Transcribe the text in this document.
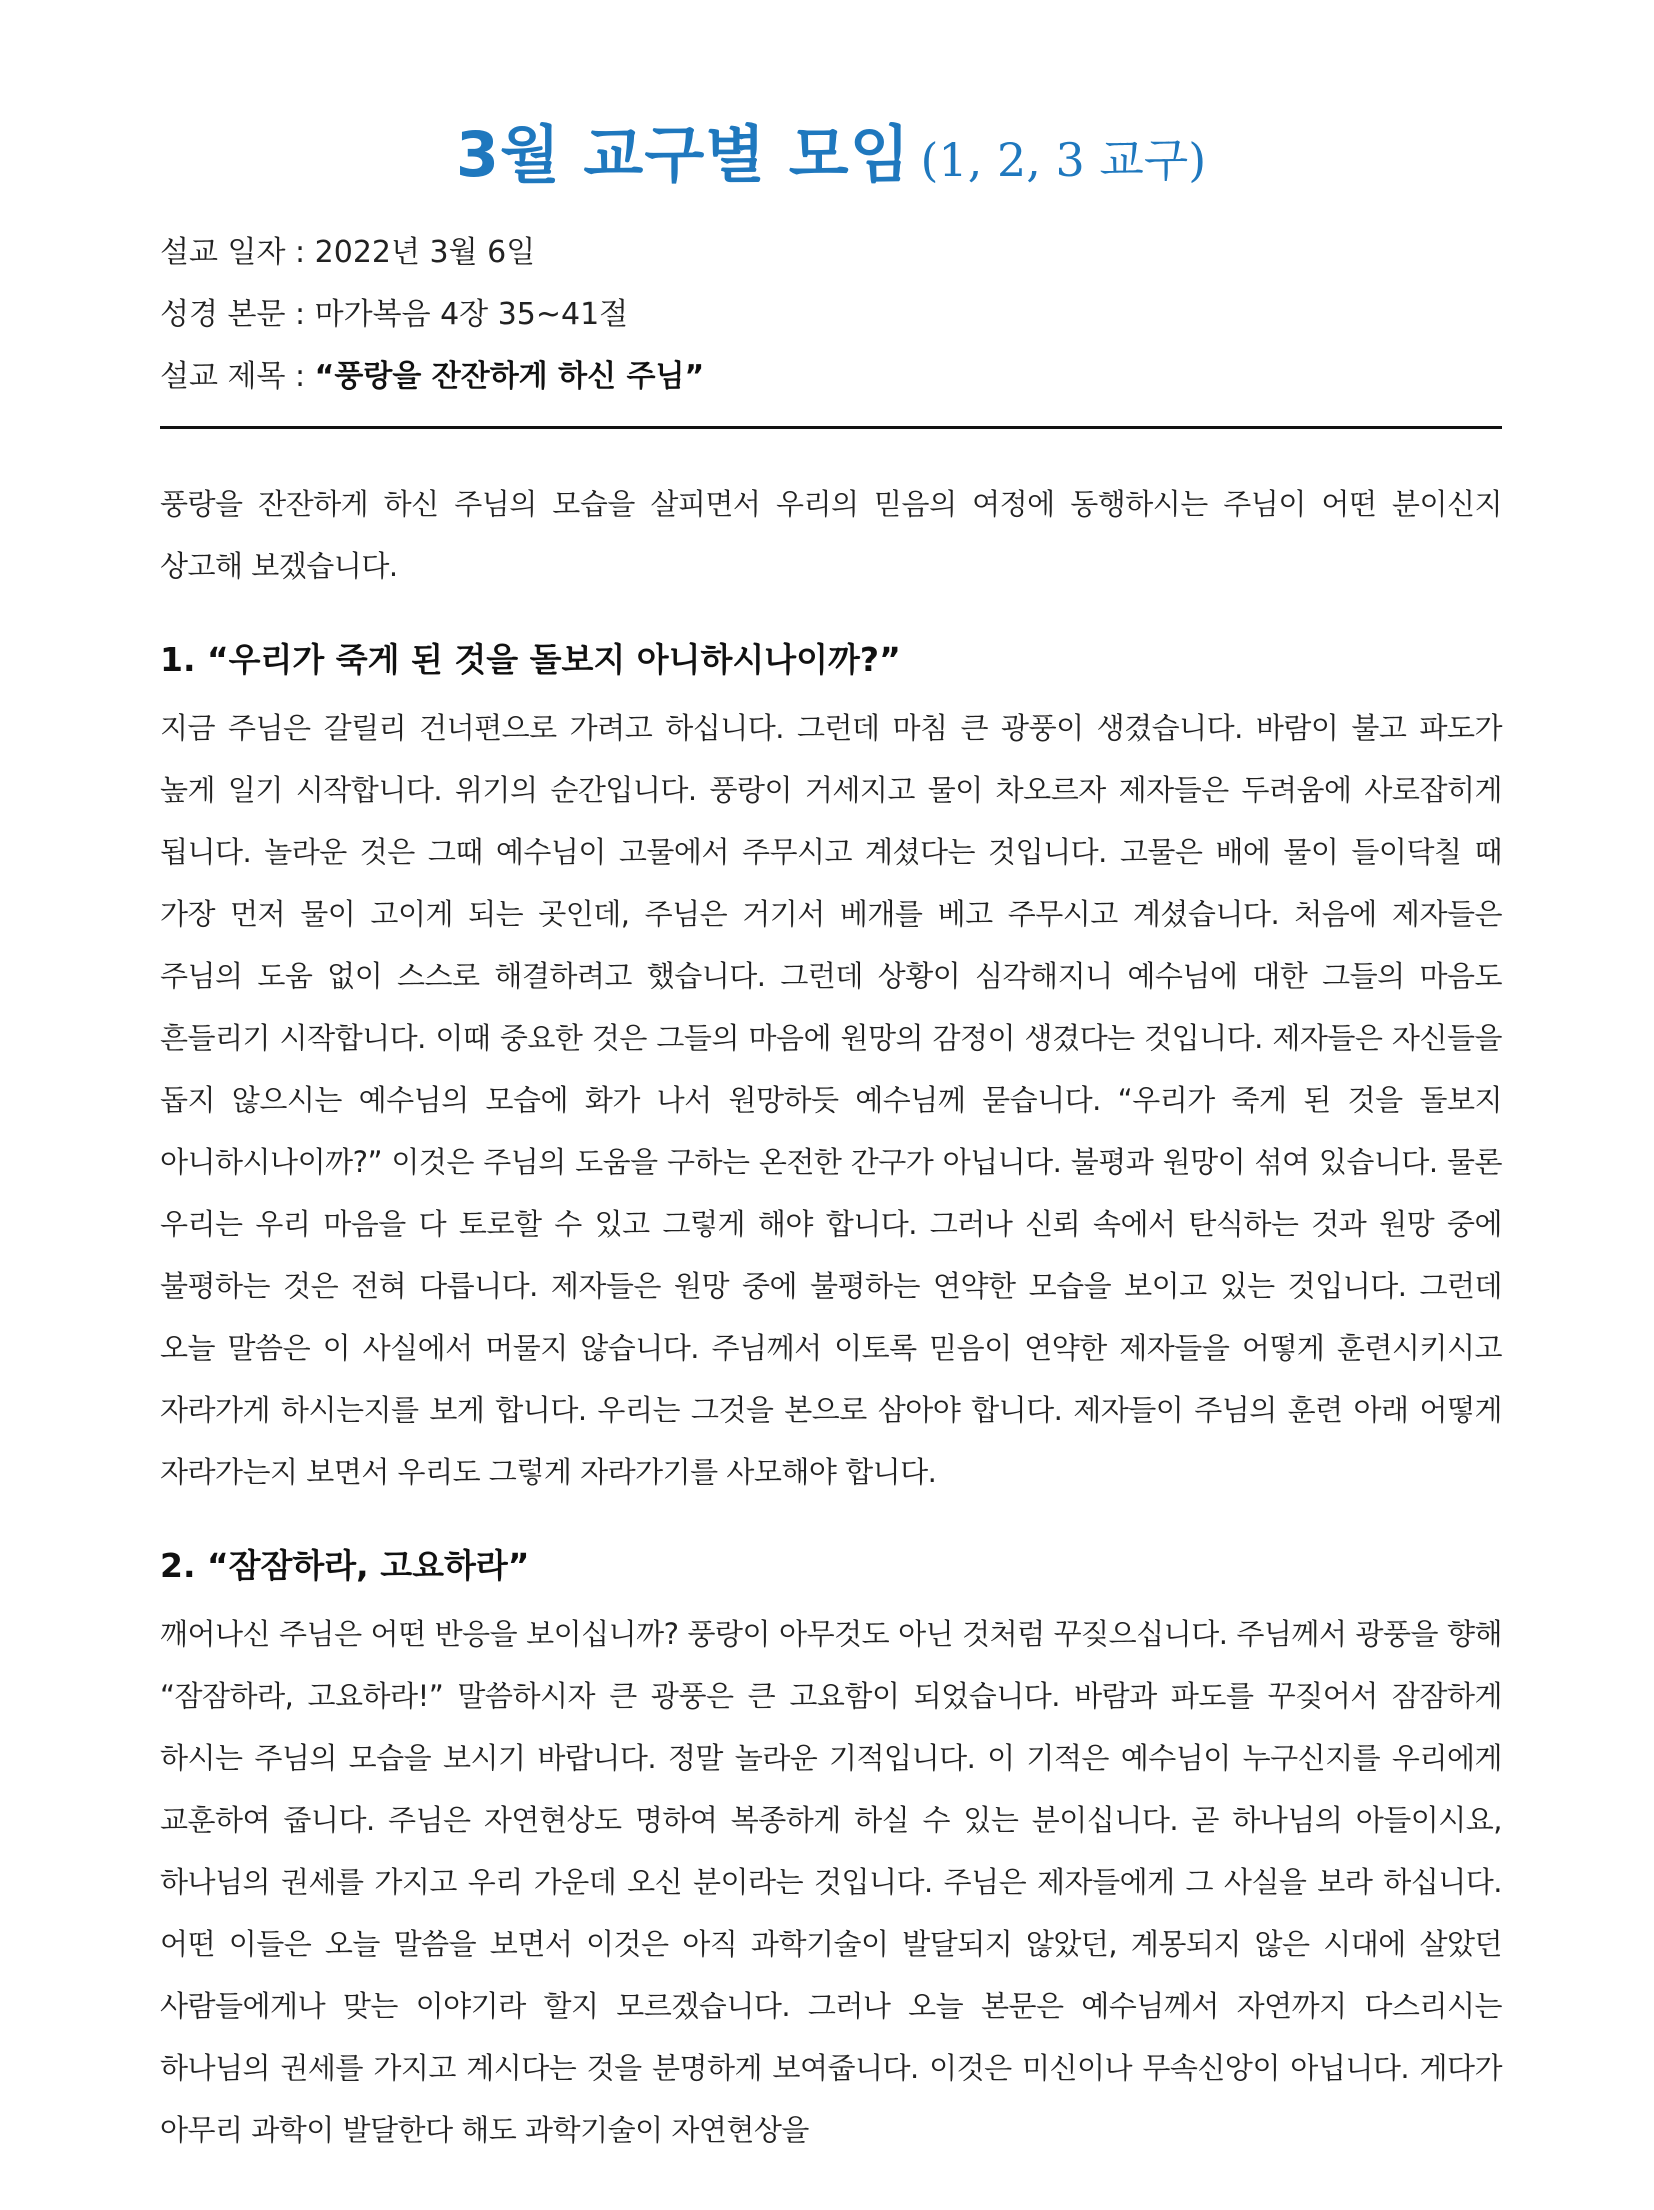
3월 교구별 모임 (1, 2, 3 교구)
설교 일자 : 2022년 3월 6일
성경 본문 : 마가복음 4장 35~41절
설교 제목 : “풍랑을 잔잔하게 하신 주님”

풍랑을 잔잔하게 하신 주님의 모습을 살피면서 우리의 믿음의 여정에 동행하시는 주님이 어떤 분이신지 상고해 보겠습니다.

1. “우리가 죽게 된 것을 돌보지 아니하시나이까?”

지금 주님은 갈릴리 건너편으로 가려고 하십니다. 그런데 마침 큰 광풍이 생겼습니다. 바람이 불고 파도가 높게 일기 시작합니다. 위기의 순간입니다. 풍랑이 거세지고 물이 차오르자 제자들은 두려움에 사로잡히게 됩니다. 놀라운 것은 그때 예수님이 고물에서 주무시고 계셨다는 것입니다. 고물은 배에 물이 들이닥칠 때 가장 먼저 물이 고이게 되는 곳인데, 주님은 거기서 베개를 베고 주무시고 계셨습니다. 처음에 제자들은 주님의 도움 없이 스스로 해결하려고 했습니다. 그런데 상황이 심각해지니 예수님에 대한 그들의 마음도 흔들리기 시작합니다. 이때 중요한 것은 그들의 마음에 원망의 감정이 생겼다는 것입니다. 제자들은 자신들을 돕지 않으시는 예수님의 모습에 화가 나서 원망하듯 예수님께 묻습니다. “우리가 죽게 된 것을 돌보지 아니하시나이까?” 이것은 주님의 도움을 구하는 온전한 간구가 아닙니다. 불평과 원망이 섞여 있습니다. 물론 우리는 우리 마음을 다 토로할 수 있고 그렇게 해야 합니다. 그러나 신뢰 속에서 탄식하는 것과 원망 중에 불평하는 것은 전혀 다릅니다. 제자들은 원망 중에 불평하는 연약한 모습을 보이고 있는 것입니다. 그런데 오늘 말씀은 이 사실에서 머물지 않습니다. 주님께서 이토록 믿음이 연약한 제자들을 어떻게 훈련시키시고 자라가게 하시는지를 보게 합니다. 우리는 그것을 본으로 삼아야 합니다. 제자들이 주님의 훈련 아래 어떻게 자라가는지 보면서 우리도 그렇게 자라가기를 사모해야 합니다.

2. “잠잠하라, 고요하라”

깨어나신 주님은 어떤 반응을 보이십니까? 풍랑이 아무것도 아닌 것처럼 꾸짖으십니다. 주님께서 광풍을 향해 “잠잠하라, 고요하라!” 말씀하시자 큰 광풍은 큰 고요함이 되었습니다. 바람과 파도를 꾸짖어서 잠잠하게 하시는 주님의 모습을 보시기 바랍니다. 정말 놀라운 기적입니다. 이 기적은 예수님이 누구신지를 우리에게 교훈하여 줍니다. 주님은 자연현상도 명하여 복종하게 하실 수 있는 분이십니다. 곧 하나님의 아들이시요, 하나님의 권세를 가지고 우리 가운데 오신 분이라는 것입니다. 주님은 제자들에게 그 사실을 보라 하십니다. 어떤 이들은 오늘 말씀을 보면서 이것은 아직 과학기술이 발달되지 않았던, 계몽되지 않은 시대에 살았던 사람들에게나 맞는 이야기라 할지 모르겠습니다. 그러나 오늘 본문은 예수님께서 자연까지 다스리시는 하나님의 권세를 가지고 계시다는 것을 분명하게 보여줍니다. 이것은 미신이나 무속신앙이 아닙니다. 게다가 아무리 과학이 발달한다 해도 과학기술이 자연현상을
